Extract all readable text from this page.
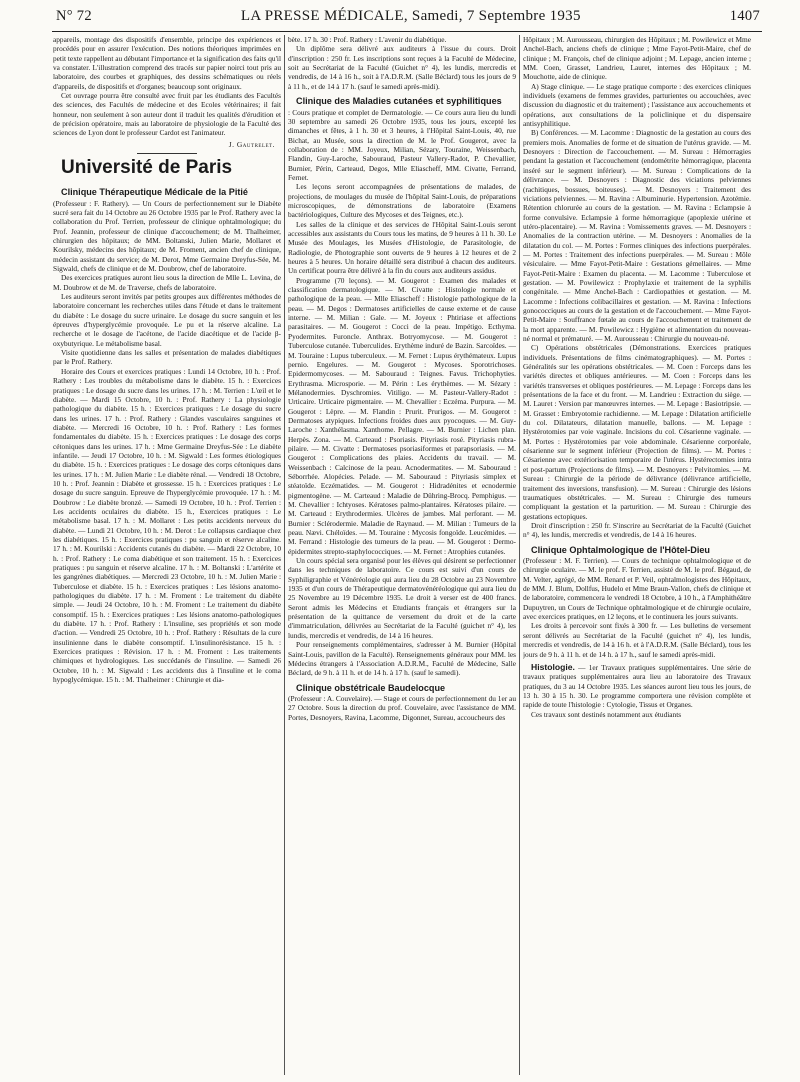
N° 72	LA PRESSE MÉDICALE, Samedi, 7 Septembre 1935	1407

appareils, montage des dispositifs d'ensemble, principe des expériences et procédés pour en assurer l'exécution. Des notions théoriques imprimées en petit texte rappellent au débutant l'importance et la signification des faits qu'il va constater. L'illustration comprend des tracés sur papier noirci tout pris au laboratoire, des courbes et graphiques, des dessins schématiques ou réels d'appareils, de dispositifs et d'organes; beaucoup sont originaux.

Cet ouvrage pourra être consulté avec fruit par les étudiants des Facultés des sciences, des Facultés de médecine et des Ecoles vétérinaires; il fait honneur, non seulement à son auteur dont il traduit les qualités d'érudition et de précision opératoire, mais au laboratoire de physiologie de la Faculté des sciences de Lyon dont le professeur Cardot est l'animateur.

J. Gautrelet.
Université de Paris
Clinique Thérapeutique Médicale de la Pitié

(Professeur : F. Rathery). — Un Cours de perfectionnement sur le Diabète sucré sera fait du 14 Octobre au 26 Octobre 1935 par le Prof. Rathery avec la collaboration du Prof. Terrien, professeur de clinique ophtalmologique; du Prof. Jeannin, professeur de clinique d'accouchement; de M. Thalheimer, chirurgien des hôpitaux; de MM. Boltanski, Julien Marie, Mollaret et Kourilsky, médecins des hôpitaux; de M. Froment, ancien chef de clinique, médecin assistant du service; de M. Derot, Mme Germaine Dreyfus-Sée, M. Sigwald, chefs de clinique et de M. Doubrow, chef de laboratoire.

Des exercices pratiques auront lieu sous la direction de Mlle L. Levina, de M. Doubrow et de M. de Traverse, chefs de laboratoire.

Les auditeurs seront invités par petits groupes aux différentes méthodes de laboratoire concernant les recherches utiles dans l'étude et dans le traitement du diabète : Le dosage du sucre urinaire. Le dosage du sucre sanguin et les épreuves d'hyperglycémie provoquée. Le pu et la réserve alcaline. La recherche et le dosage de l'acétone, de l'acide diacétique et de l'acide β-oxybutyrique. Le métabolisme basal.

Visite quotidienne dans les salles et présentation de malades diabétiques par le Prof. Rathery.

Horaire des Cours et exercices pratiques : Lundi 14 Octobre, 10 h. : Prof. Rathery : Les troubles du métabolisme dans le diabète. 15 h. : Exercices pratiques : Le dosage du sucre dans les urines. 17 h. : M. Terrien : L'œil et le diabète. — Mardi 15 Octobre, 10 h. : Prof. Rathery : La physiologie pathologique du diabète. 15 h. : Exercices pratiques : Le dosage du sucre dans les urines. 17 h. : Prof. Rathery : Glandes vasculaires sanguines et diabète. — Mercredi 16 Octobre, 10 h. : Prof. Rathery : Les formes fondamentales du diabète. 15 h. : Exercices pratiques : Le dosage des corps cétoniques dans les urines. 17 h. : Mme Germaine Dreyfus-Sée : Le diabète infantile. — Jeudi 17 Octobre, 10 h. : M. Sigwald : Les formes étiologiques du diabète. 15 h. : Exercices pratiques : Le dosage des corps cétoniques dans les urines. 17 h. : M. Julien Marie : Le diabète rénal. — Vendredi 18 Octobre, 10 h. : Prof. Jeannin : Diabète et grossesse. 15 h. : Exercices pratiques : Le dosage du sucre sanguin. Epreuve de l'hyperglycémie provoquée. 17 h. : M. Doubrow : Le diabète bronzé. — Samedi 19 Octobre, 10 h. : Prof. Terrien : Les accidents oculaires du diabète. 15 h., Exercices pratiques : Le métabolisme basal. 17 h. : M. Mollaret : Les petits accidents nerveux du diabète. — Lundi 21 Octobre, 10 h. : M. Derot : Le collapsus cardiaque chez les diabétiques. 15 h. : Exercices pratiques : pu sanguin et réserve alcaline. 17 h. : M. Kourilski : Accidents cutanés du diabète. — Mardi 22 Octobre, 10 h. : Prof. Rathery : Le coma diabétique et son traitement. 15 h. : Exercices pratiques : pu sanguin et réserve alcaline. 17 h. : M. Boltanski : L'artérite et les gangrènes diabétiques. — Mercredi 23 Octobre, 10 h. : M. Julien Marie : Tuberculose et diabète. 15 h. : Exercices pratiques : Les lésions anatomo-pathologiques du diabète. 17 h. : M. Froment : Le traitement du diabète simple. — Jeudi 24 Octobre, 10 h. : M. Froment : Le traitement du diabète consomptif. 15 h. : Exercices pratiques : Les lésions anatomo-pathologiques du diabète. 17 h. : Prof. Rathery : L'insuline, ses propriétés et son mode d'action. — Vendredi 25 Octobre, 10 h. : Prof. Rathery : Résultats de la cure insulinienne dans le diabète consomptif. L'insulinorésistance. 15 h. : Exercices pratiques : Révision. 17 h. : M. Froment : Les traitements chimiques et hydrologiques. Les succédanés de l'insuline. — Samedi 26 Octobre, 10 h. : M. Sigwald : Les accidents dus à l'insuline et le coma hypoglycémique. 15 h. : M. Thalheimer : Chirurgie et dia-

bète. 17 h. 30 : Prof. Rathery : L'avenir du diabétique.

Un diplôme sera délivré aux auditeurs à l'issue du cours. Droit d'inscription : 250 fr. Les inscriptions sont reçues à la Faculté de Médecine, soit au Secrétariat de la Faculté (Guichet n° 4), les lundis, mercredis et vendredis, de 14 à 16 h., soit à l'A.D.R.M. (Salle Béclard) tous les jours de 9 à 11 h., et de 14 à 17 h. (sauf le samedi après-midi).

Clinique des Maladies cutanées et syphilitiques

: Cours pratique et complet de Dermatologie. — Ce cours aura lieu du lundi 30 septembre au samedi 26 Octobre 1935, tous les jours, excepté les dimanches et fêtes, à 1 h. 30 et 3 heures, à l'Hôpital Saint-Louis, 40, rue Bichat, au Musée, sous la direction de M. le Prof. Gougerot, avec la collaboration de : MM. Joyeux, Milian, Sézary, Touraine, Weissenbach, Flandin, Guy-Laroche, Sabouraud, Pasteur Vallery-Radot, P. Chevallier, Burnier, Périn, Carteaud, Degos, Mlle Eliascheff, MM. Civatte, Ferrand, Fernet.

Les leçons seront accompagnées de présentations de malades, de projections, de moulages du musée de l'hôpital Saint-Louis, de préparations microscopiques, de démonstrations de laboratoire (Examens bactériologiques, Culture des Mycoses et des Teignes, etc.).

Les salles de la clinique et des services de l'Hôpital Saint-Louis seront accessibles aux assistants du Cours tous les matins, de 9 heures à 11 h. 30. Le Musée des Moulages, les Musées d'Histologie, de Parasitologie, de Radiologie, de Photographie sont ouverts de 9 heures à 12 heures et de 2 heures à 5 heures. Un horaire détaillé sera distribué à chacun des auditeurs. Un certificat pourra être délivré à la fin du cours aux auditeurs assidus.

Programme (70 leçons). — M. Gougerot : Examen des malades et classification dermatologique. — M. Civatte : Histologie normale et pathologique de la peau. — Mlle Eliascheff : Histologie pathologique de la peau. — M. Degos : Dermatoses artificielles de cause externe et de cause interne. — M. Milian : Gale. — M. Joyeux : Phtiriase et affections parasitaires. — M. Gougerot : Cocci de la peau. Impétigo. Ecthyma. Pyodermites. Furoncle. Anthrax. Botryomycose. — M. Gougerot : Tuberculose cutanée. Tuberculides. Erythème induré de Bazin. Sarcoïdes. — M. Touraine : Lupus tuberculeux. — M. Fernet : Lupus érythémateux. Lupus pernio. Engelures. — M. Gougerot : Mycoses. Sporotrichoses. Epidermomycoses. — M. Sabouraud : Teignes. Favus. Trichophyties. Erythrasma. Microsporie. — M. Périn : Les érythèmes. — M. Sézary : Mélanodermies. Dyschromies. Vitiligo. — M. Pasteur-Vallery-Radot : Urticaire. Urticaire pigmentaire. — M. Chevallier : Eczéma. Purpura. — M. Gougerot : Lèpre. — M. Flandin : Prurit. Prurigos. — M. Gougerot : Dermatoses atypiques. Infections froides dues aux pyocoques. — M. Guy-Laroche : Xanthélasma. Xanthome. Pellagre. — M. Burnier : Lichen plan. Herpès. Zona. — M. Carteaud : Psoriasis. Pityriasis rosé. Pityriasis rubra-pilaire. — M. Civatte : Dermatoses psoriasiformes et parapsoriasis. — M. Gougerot : Complications des plaies. Accidents du travail. — M. Weissenbach : Calcinose de la peau. Acnodermatites. — M. Sabouraud : Séborrhée. Alopécies. Pelade. — M. Sabouraud : Pityriasis simplex et stéatoïde. Eczématides. — M. Gougerot : Hidradénites et ecnodermie pigmentogène. — M. Carteaud : Maladie de Dühring-Brocq. Pemphigus. — M. Chevallier : Ichtyoses. Kératoses palmo-plantaires. Kératoses pilaire. — M. Carteaud : Erythrodermies. Ulcères de jambes. Mal perforant. — M. Burnier : Sclérodermie. Maladie de Raynaud. — M. Milian : Tumeurs de la peau. Nævi. Chéloïdes. — M. Touraine : Mycosis fongoïde. Leucémides. — M. Ferrand : Histologie des tumeurs de la peau. — M. Gougerot : Dermo-épidermites strepto-staphylococciques. — M. Fernet : Atrophies cutanées.

Un cours spécial sera organisé pour les élèves qui désirent se perfectionner dans les techniques de laboratoire. Ce cours est suivi d'un cours de Syphiligraphie et Vénéréologie qui aura lieu du 28 Octobre au 23 Novembre 1935 et d'un cours de Thérapeutique dermatovénéréologique qui aura lieu du 25 Novembre au 19 Décembre 1935. Le droit à verser est de 400 francs. Seront admis les Médecins et Etudiants français et étrangers sur la présentation de la quittance de versement du droit et de la carte d'immatriculation, délivrées au Secrétariat de la Faculté (guichet n° 4), les lundis, mercredis et vendredis, de 14 à 16 heures.

Pour renseignements complémentaires, s'adresser à M. Burnier (Hôpital Saint-Louis, pavillon de la Faculté). Renseignements généraux pour MM. les Médecins étrangers à l'Association A.D.R.M., Faculté de Médecine, Salle Béclard, de 9 h. à 11 h. et de 14 h. à 17 h. (sauf le samedi).

Clinique obstétricale Baudelocque

(Professeur : A. Couvelaire). — Stage et cours de perfectionnement du 1er au 27 Octobre. Sous la direction du prof. Couvelaire, avec l'assistance de MM. Portes, Desnoyers, Ravina, Lacomme, Digonnet, Sureau, accoucheurs des

Hôpitaux ; M. Aurousseau, chirurgien des Hôpitaux ; M. Powilewicz et Mme Anchel-Bach, anciens chefs de clinique ; Mme Fayot-Petit-Maire, chef de clinique ; M. François, chef de clinique adjoint ; M. Lepage, ancien interne ; MM. Coen, Grasset, Landrieu, Lauret, internes des Hôpitaux ; M. Mouchotte, aide de clinique.

A) Stage clinique. — Le stage pratique comporte : des exercices cliniques individuels (examens de femmes gravides, parturientes ou accouchées, avec discussion du diagnostic et du traitement) ; l'assistance aux accouchements et opérations, aux consultations de la policlinique et du dispensaire antisyphilitique.

B) Conférences. — M. Lacomme : Diagnostic de la gestation au cours des premiers mois. Anomalies de forme et de situation de l'utérus gravide. — M. Desnoyers : Direction de l'accouchement. — M. Sureau : Hémorragies pendant la gestation et l'accouchement (endométrite hémorragique, placenta inséré sur le segment inférieur). — M. Sureau : Complications de la délivrance. — M. Desnoyers : Diagnostic des viciations pelviennes (rachitiques, bossues, boiteuses). — M. Desnoyers : Traitement des viciations pelviennes. — M. Ravina : Albuminurie. Hypertension. Azotémie. Rétention chlorurée au cours de la gestation. — M. Ravina : Eclampsie à forme convulsive. Eclampsie à forme hémorragique (apoplexie utérine et utéro-placentaire). — M. Ravina : Vomissements graves. — M. Desnoyers : Anomalies de la contraction utérine. — M. Desnoyers : Anomalies de la dilatation du col. — M. Portes : Formes cliniques des infections puerpérales. — M. Portes : Traitement des infections puerpérales. — M. Sureau : Môle vésiculaire. — Mme Fayot-Petit-Maire : Gestations gémellaires. — Mme Fayot-Petit-Maire : Examen du placenta. — M. Lacomme : Tuberculose et gestation. — M. Powilewicz : Prophylaxie et traitement de la syphilis congénitale. — Mme Anchel-Bach : Cardiopathies et gestation. — M. Lacomme : Infections colibacillaires et gestation. — M. Ravina : Infections gonococciques au cours de la gestation et de l'accouchement. — Mme Fayot-Petit-Maire : Souffrance fœtale au cours de l'accouchement et traitement de la mort apparente. — M. Powilewicz : Hygiène et alimentation du nouveau-né normal et prématuré. — M. Aurousseau : Chirurgie du nouveau-né.

C) Opérations obstétricales (Démonstrations. Exercices pratiques individuels. Présentations de films cinématographiques). — M. Portes : Généralités sur les opérations obstétricales. — M. Coen : Forceps dans les variétés directes et obliques antérieures. — M. Coen : Forceps dans les variétés transverses et obliques postérieures. — M. Lepage : Forceps dans les présentations de la face et du front. — M. Landrieu : Extraction du siège. — M. Lauret : Version par manœuvres internes. — M. Lepage : Basiotripsie. — M. Grasset : Embryotomie rachidienne. — M. Lepage : Dilatation artificielle du col. Dilatateurs, dilatation manuelle, ballons. — M. Lepage : Hystérotomies par voie vaginale. Incisions du col. Césarienne vaginale. — M. Portes : Hystérotomies par voie abdominale. Césarienne corporéale, césarienne sur le segment inférieur (Projection de films). — M. Portes : Césarienne avec extériorisation temporaire de l'utérus. Hystérectomies intra et post-partum (Projections de films). — M. Desnoyers : Pelvitomies. — M. Sureau : Chirurgie de la période de délivrance (délivrance artificielle, traitement des inversions, transfusion). — M. Sureau : Chirurgie des lésions traumatiques obstétricales. — M. Sureau : Chirurgie des tumeurs compliquant la gestation et la parturition. — M. Sureau : Chirurgie des gestations ectopiques.

Droit d'inscription : 250 fr. S'inscrire au Secrétariat de la Faculté (Guichet n° 4), les lundis, mercredis et vendredis, de 14 à 16 heures.

Clinique Ophtalmologique de l'Hôtel-Dieu

(Professeur : M. F. Terrien). — Cours de technique ophtalmologique et de chirurgie oculaire. — M. le prof. F. Terrien, assisté de M. le prof. Bégaud, de M. Velter, agrégé, de MM. Renard et P. Veil, ophtalmologistes des Hôpitaux, de MM. J. Blum, Dollfus, Hudelo et Mme Braun-Vallon, chefs de clinique et de laboratoire, commencera le vendredi 18 Octobre, à 10 h., à l'Amphithéâtre Dupuytren, un Cours de Technique ophtalmologique et de chirurgie oculaire, avec exercices pratiques, en 12 leçons, et le continuera les jours suivants.

Les droits à percevoir sont fixés à 300 fr. — Les bulletins de versement seront délivrés au Secrétariat de la Faculté (guichet n° 4), les lundis, mercredis et vendredis, de 14 à 16 h. et à l'A.D.R.M. (Salle Béclard), tous les jours de 9 h. à 11 h. et de 14 h. à 17 h., sauf le samedi après-midi.

Histologie. — 1er Travaux pratiques supplémentaires. Une série de travaux pratiques supplémentaires aura lieu au laboratoire des Travaux pratiques, du 3 au 14 Octobre 1935. Les séances auront lieu tous les jours, de 13 h. 30 à 15 h. 30. Le programme comportera une révision complète et rapide de toute l'histologie : Cytologie, Tissus et Organes.

Ces travaux sont destinés notamment aux étudiants
